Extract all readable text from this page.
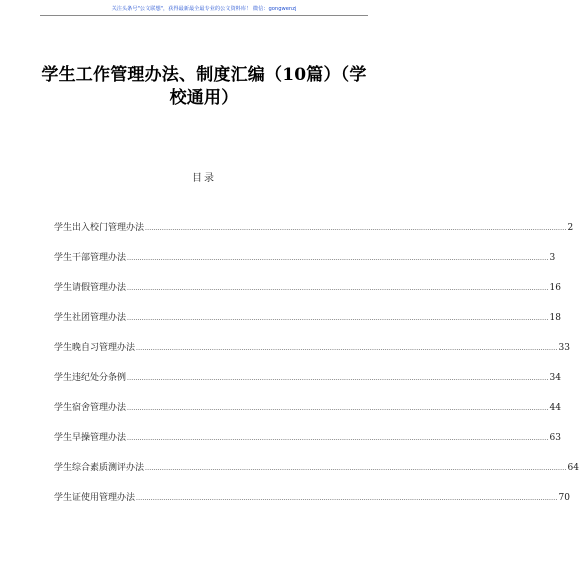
关注头条号"公文联想"，获得最新最全最专业的公文资料库！ 微信：gongwenzj
学生工作管理办法、制度汇编（10篇）（学校通用）
目录
学生出入校门管理办法 ........................................................................................................................................................................................................ 2
学生干部管理办法 ........................................................................................................................................................................................................ 3
学生请假管理办法 ........................................................................................................................................................................................................ 16
学生社团管理办法 ........................................................................................................................................................................................................ 18
学生晚自习管理办法 ........................................................................................................................................................................................................ 33
学生违纪处分条例 ........................................................................................................................................................................................................ 34
学生宿舍管理办法 ........................................................................................................................................................................................................ 44
学生早操管理办法 ........................................................................................................................................................................................................ 63
学生综合素质测评办法 ........................................................................................................................................................................................................ 64
学生证使用管理办法 ........................................................................................................................................................................................................ 70
